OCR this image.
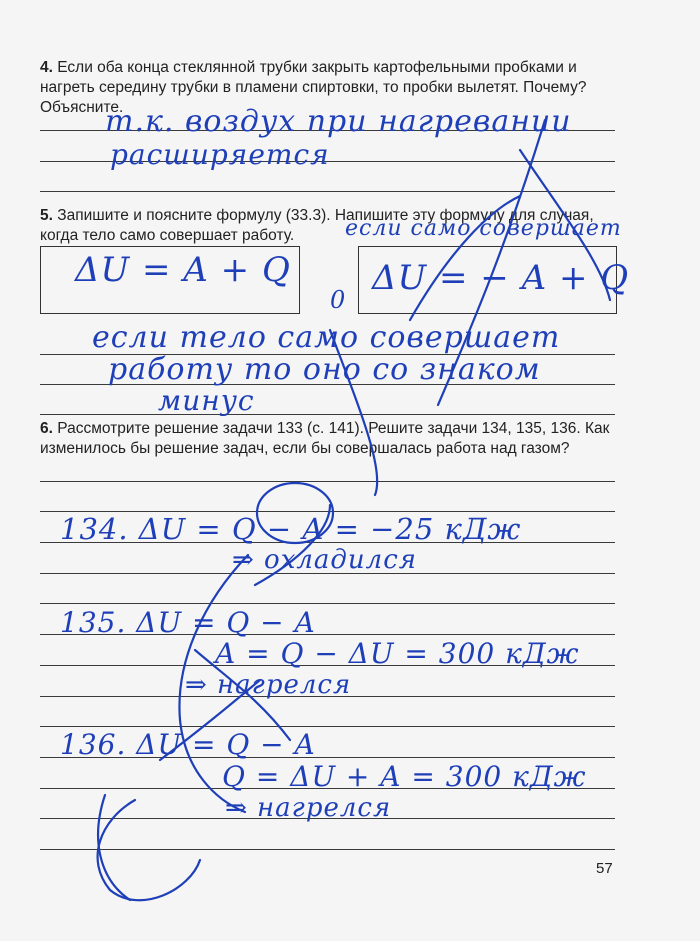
4. Если оба конца стеклянной трубки закрыть картофельными пробками и нагреть середину трубки в пламени спиртовки, то пробки вылетят. Почему? Объясните.
т.к. воздух при нагревании
расширяется
5. Запишите и поясните формулу (33.3). Напишите эту формулу для случая, когда тело само совершает работу.
ΔU = A + Q
если само совершает
ΔU = − A + Q
0
если тело само совершает
работу то оно со знаком
минус
6. Рассмотрите решение задачи 133 (с. 141). Решите задачи 134, 135, 136. Как изменилось бы решение задач, если бы совершалась работа над газом?
134. ΔU = Q − A = −25 кДж
⇒ охладился
135. ΔU = Q − A
A = Q − ΔU = 300 кДж
⇒ нагрелся
136. ΔU = Q − A
Q = ΔU + A = 300 кДж
⇒ нагрелся
57
